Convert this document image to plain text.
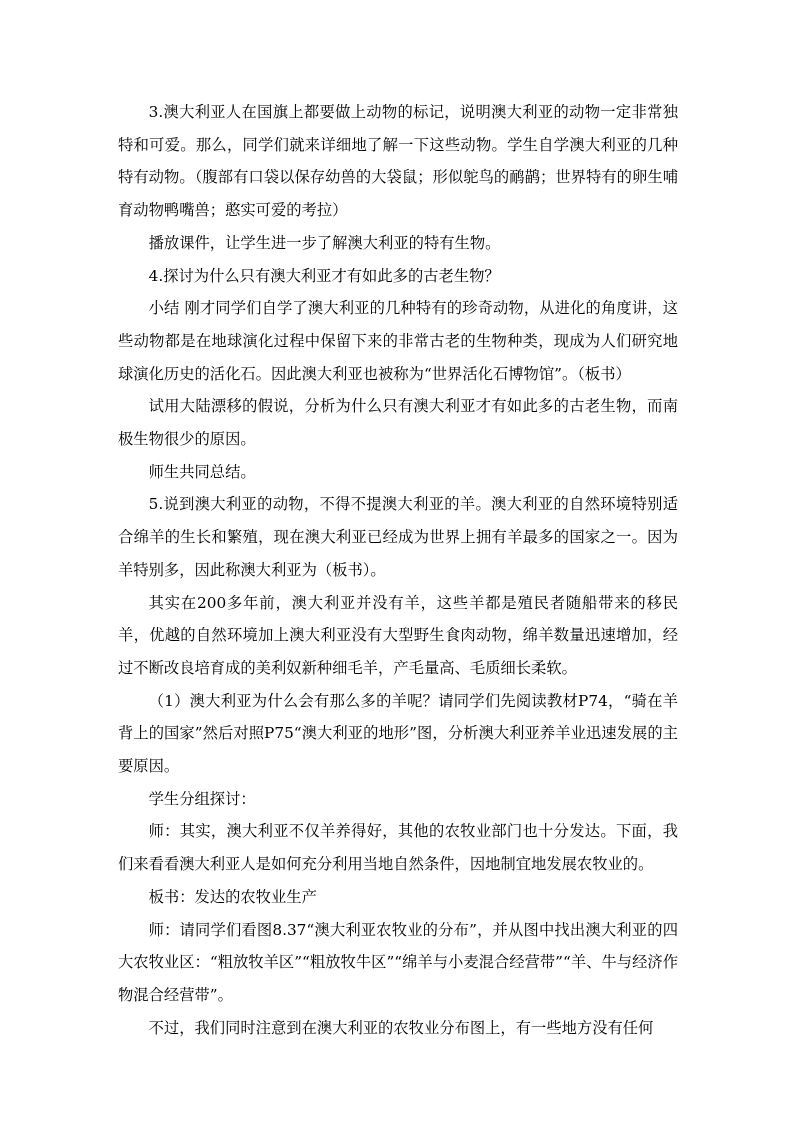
3.澳大利亚人在国旗上都要做上动物的标记，说明澳大利亚的动物一定非常独特和可爱。那么，同学们就来详细地了解一下这些动物。学生自学澳大利亚的几种特有动物。（腹部有口袋以保存幼兽的大袋鼠；形似鸵鸟的鸸鹋；世界特有的卵生哺育动物鸭嘴兽；憨实可爱的考拉）

播放课件，让学生进一步了解澳大利亚的特有生物。

4.探讨为什么只有澳大利亚才有如此多的古老生物？

小结 刚才同学们自学了澳大利亚的几种特有的珍奇动物，从进化的角度讲，这些动物都是在地球演化过程中保留下来的非常古老的生物种类，现成为人们研究地球演化历史的活化石。因此澳大利亚也被称为“世界活化石博物馆”。（板书）

试用大陆漂移的假说，分析为什么只有澳大利亚才有如此多的古老生物，而南极生物很少的原因。

师生共同总结。

5.说到澳大利亚的动物，不得不提澳大利亚的羊。澳大利亚的自然环境特别适合绵羊的生长和繁殖，现在澳大利亚已经成为世界上拥有羊最多的国家之一。因为羊特别多，因此称澳大利亚为（板书）。

其实在200多年前，澳大利亚并没有羊，这些羊都是殖民者随船带来的移民羊，优越的自然环境加上澳大利亚没有大型野生食肉动物，绵羊数量迅速增加，经过不断改良培育成的美利奴新种细毛羊，产毛量高、毛质细长柔软。

（1）澳大利亚为什么会有那么多的羊呢？请同学们先阅读教材P74，“骑在羊背上的国家”然后对照P75“澳大利亚的地形”图，分析澳大利亚养羊业迅速发展的主要原因。

学生分组探讨：

师：其实，澳大利亚不仅羊养得好，其他的农牧业部门也十分发达。下面，我们来看看澳大利亚人是如何充分利用当地自然条件，因地制宜地发展农牧业的。

板书：发达的农牧业生产

师：请同学们看图8.37“澳大利亚农牧业的分布”，并从图中找出澳大利亚的四大农牧业区：“粗放牧羊区”“粗放牧牛区”“绵羊与小麦混合经营带”“羊、牛与经济作物混合经营带”。

不过，我们同时注意到在澳大利亚的农牧业分布图上，有一些地方没有任何
